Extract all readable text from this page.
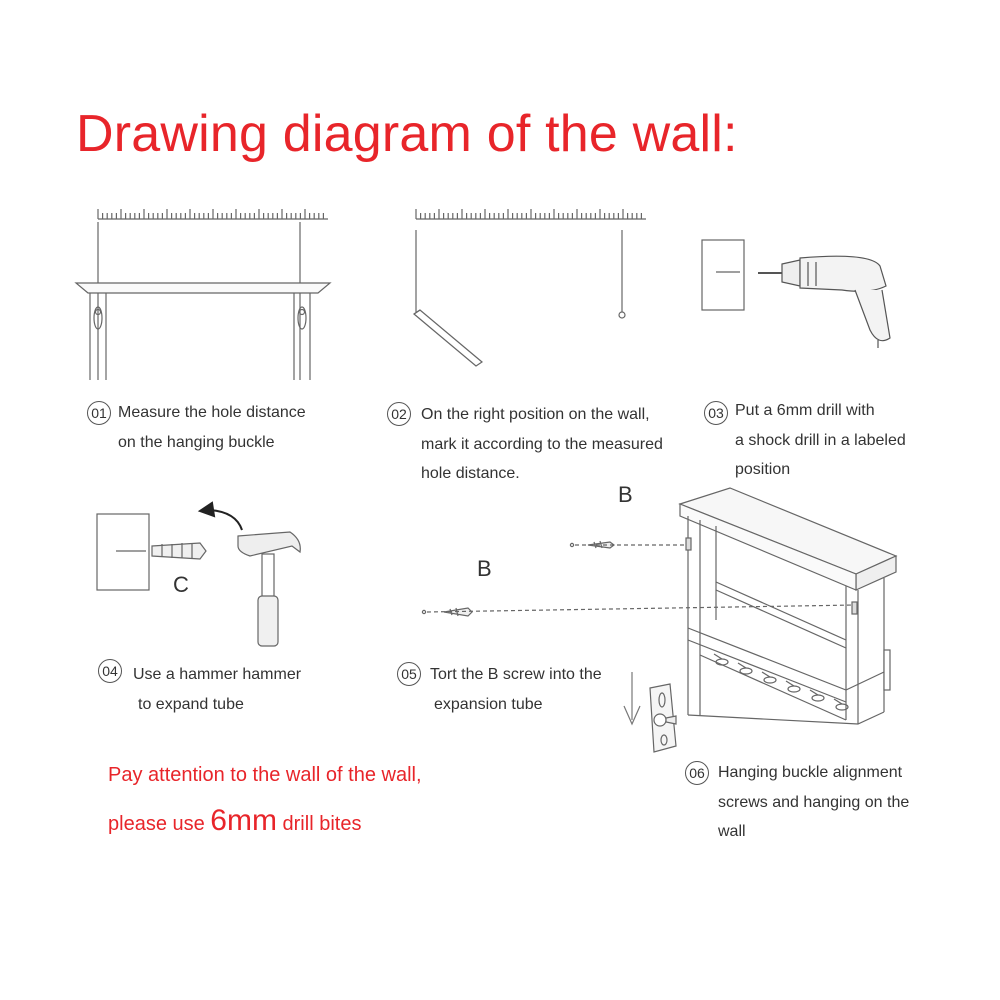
Drawing diagram of the wall:
01 Measure the hole distance
on the hanging buckle
02 On the right position on the wall,
mark it according to the measured
hole distance.
03 Put a 6mm drill with
a shock drill in a labeled
position
C
B
B
04 Use a hammer hammer
to expand tube
05 Tort the B screw into the
expansion tube
06 Hanging buckle alignment
screws and hanging on the
wall
Pay attention to the wall of the wall,
please use 6mm drill bites
